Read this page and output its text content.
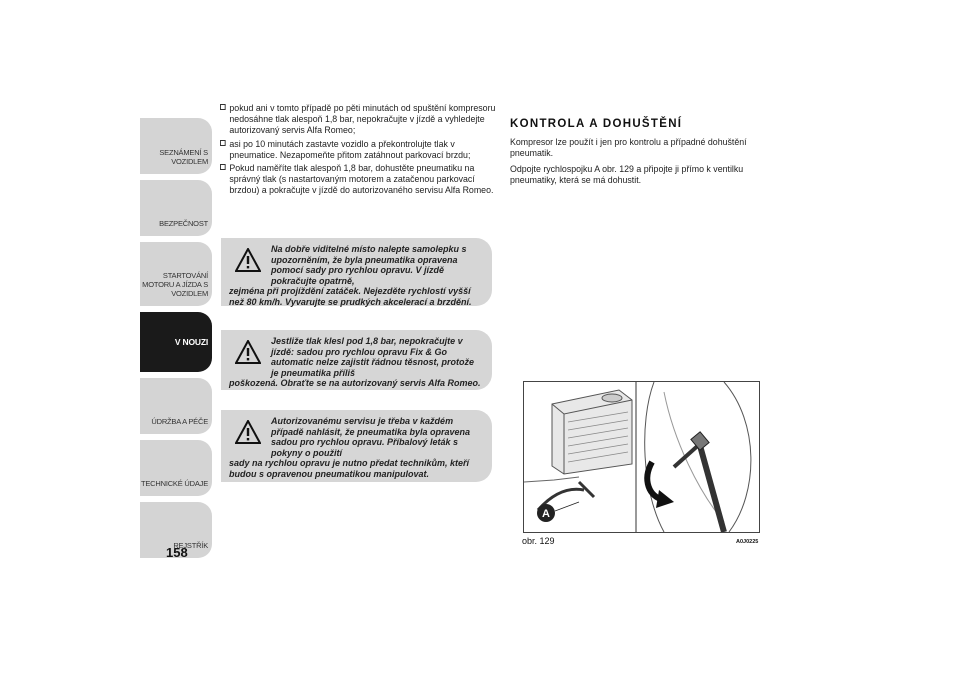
SEZNÁMENÍ S
VOZIDLEM
BEZPEČNOST
STARTOVÁNÍ
MOTORU A JÍZDA S
VOZIDLEM
V NOUZI
ÚDRŽBA A PÉČE
TECHNICKÉ ÚDAJE
REJSTŘÍK
158
pokud ani v tomto případě po pěti minutách od spuštění kompresoru nedosáhne tlak alespoň 1,8 bar, nepokračujte v jízdě a vyhledejte autorizovaný servis Alfa Romeo;
asi po 10 minutách zastavte vozidlo a překontrolujte tlak v pneumatice. Nezapomeňte přitom zatáhnout parkovací brzdu;
Pokud naměříte tlak alespoň 1,8 bar, dohustěte pneumatiku na správný tlak (s nastartovaným motorem a zatačenou parkovací brzdou) a pokračujte v jízdě do autorizovaného servisu Alfa Romeo.
Na dobře viditelné místo nalepte samolepku s upozorněním, že byla pneumatika opravena pomocí sady pro rychlou opravu. V jízdě pokračujte opatrně,
zejména při projíždění zatáček. Nejezděte rychlostí vyšší než 80 km/h. Vyvarujte se prudkých akcelerací a brzdění.
Jestliže tlak klesl pod 1,8 bar, nepokračujte v jízdě: sadou pro rychlou opravu Fix & Go automatic nelze zajistit řádnou těsnost, protože je pneumatika příliš
poškozená. Obraťte se na autorizovaný servis Alfa Romeo.
Autorizovanému servisu je třeba v každém případě nahlásit, že pneumatika byla opravena sadou pro rychlou opravu. Příbalový leták s pokyny o použití
sady na rychlou opravu je nutno předat technikům, kteří budou s opravenou pneumatikou manipulovat.
KONTROLA A DOHUŠTĚNÍ
Kompresor lze použít i jen pro kontrolu a případné dohuštění pneumatik.
Odpojte rychlospojku A obr. 129 a připojte ji přímo k ventilku pneumatiky, která se má dohustit.
A
obr. 129	A0J0225
